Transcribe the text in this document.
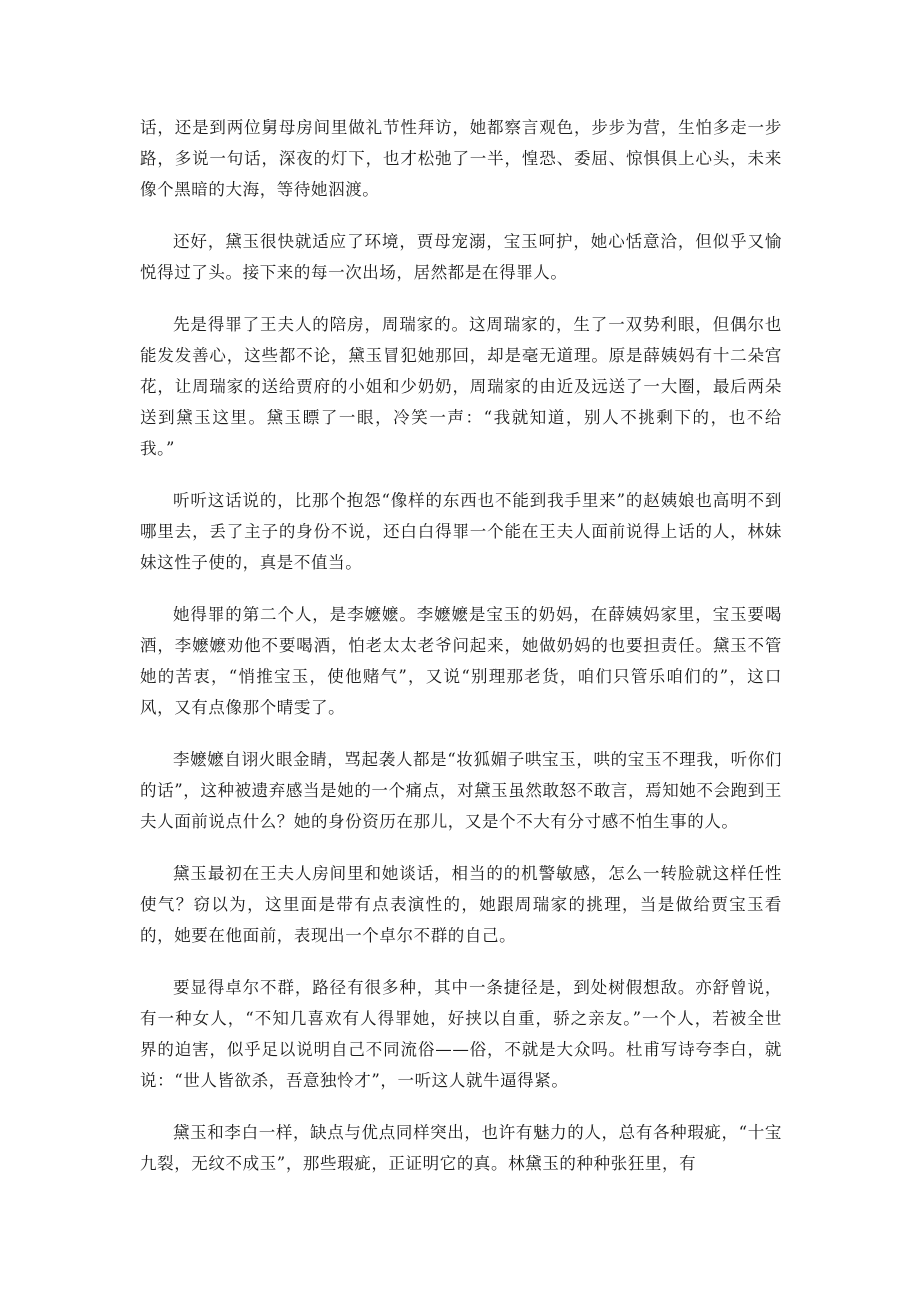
话，还是到两位舅母房间里做礼节性拜访，她都察言观色，步步为营，生怕多走一步路，多说一句话，深夜的灯下，也才松弛了一半，惶恐、委屈、惊惧俱上心头，未来像个黑暗的大海，等待她泅渡。

还好，黛玉很快就适应了环境，贾母宠溺，宝玉呵护，她心恬意洽，但似乎又愉悦得过了头。接下来的每一次出场，居然都是在得罪人。

先是得罪了王夫人的陪房，周瑞家的。这周瑞家的，生了一双势利眼，但偶尔也能发发善心，这些都不论，黛玉冒犯她那回，却是毫无道理。原是薛姨妈有十二朵宫花，让周瑞家的送给贾府的小姐和少奶奶，周瑞家的由近及远送了一大圈，最后两朵送到黛玉这里。黛玉瞟了一眼，冷笑一声：“我就知道，别人不挑剩下的，也不给我。”

听听这话说的，比那个抱怨“像样的东西也不能到我手里来”的赵姨娘也高明不到哪里去，丢了主子的身份不说，还白白得罪一个能在王夫人面前说得上话的人，林妹妹这性子使的，真是不值当。

她得罪的第二个人，是李嬷嬷。李嬷嬷是宝玉的奶妈，在薛姨妈家里，宝玉要喝酒，李嬷嬷劝他不要喝酒，怕老太太老爷问起来，她做奶妈的也要担责任。黛玉不管她的苦衷，“悄推宝玉，使他赌气”，又说“别理那老货，咱们只管乐咱们的”，这口风，又有点像那个晴雯了。

李嬷嬷自诩火眼金睛，骂起袭人都是“妆狐媚子哄宝玉，哄的宝玉不理我，听你们的话”，这种被遗弃感当是她的一个痛点，对黛玉虽然敢怒不敢言，焉知她不会跑到王夫人面前说点什么？她的身份资历在那儿，又是个不大有分寸感不怕生事的人。

黛玉最初在王夫人房间里和她谈话，相当的的机警敏感，怎么一转脸就这样任性使气？窃以为，这里面是带有点表演性的，她跟周瑞家的挑理，当是做给贾宝玉看的，她要在他面前，表现出一个卓尔不群的自己。

要显得卓尔不群，路径有很多种，其中一条捷径是，到处树假想敌。亦舒曾说，有一种女人，“不知几喜欢有人得罪她，好挟以自重，骄之亲友。”一个人，若被全世界的迫害，似乎足以说明自己不同流俗——俗，不就是大众吗。杜甫写诗夸李白，就说：“世人皆欲杀，吾意独怜才”，一听这人就牛逼得紧。

黛玉和李白一样，缺点与优点同样突出，也许有魅力的人，总有各种瑕疵，“十宝九裂，无纹不成玉”，那些瑕疵，正证明它的真。林黛玉的种种张狂里，有
